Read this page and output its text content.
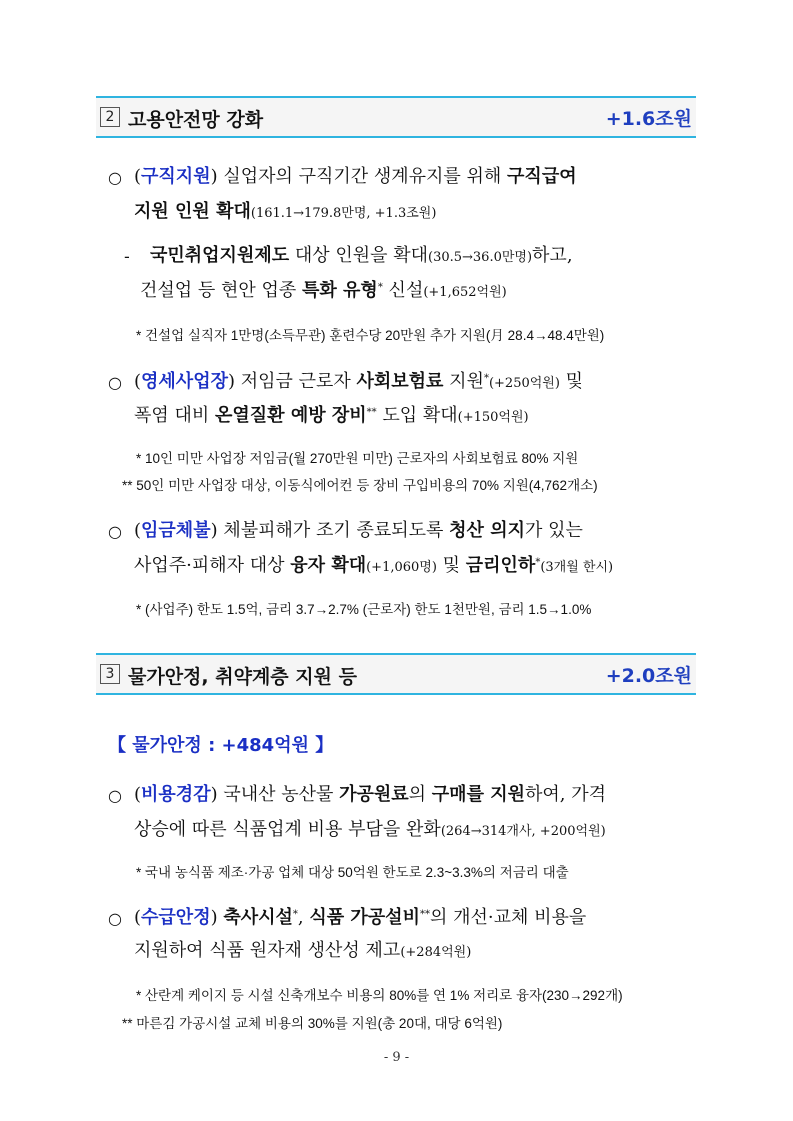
2 고용안전망 강화	+1.6조원
○ (구직지원) 실업자의 구직기간 생계유지를 위해 구직급여
지원 인원 확대(161.1→179.8만명, +1.3조원)
- 국민취업지원제도 대상 인원을 확대(30.5→36.0만명)하고,
건설업 등 현안 업종 특화 유형* 신설(+1,652억원)
* 건설업 실직자 1만명(소득무관) 훈련수당 20만원 추가 지원(月 28.4→48.4만원)
○ (영세사업장) 저임금 근로자 사회보험료 지원*(+250억원) 및
폭염 대비 온열질환 예방 장비** 도입 확대(+150억원)
* 10인 미만 사업장 저임금(월 270만원 미만) 근로자의 사회보험료 80% 지원
** 50인 미만 사업장 대상, 이동식에어컨 등 장비 구입비용의 70% 지원(4,762개소)
○ (임금체불) 체불피해가 조기 종료되도록 청산 의지가 있는
사업주·피해자 대상 융자 확대(+1,060명) 및 금리인하*(3개월 한시)
* (사업주) 한도 1.5억, 금리 3.7→2.7% (근로자) 한도 1천만원, 금리 1.5→1.0%
3 물가안정, 취약계층 지원 등	+2.0조원
【 물가안정 : +484억원 】
○ (비용경감) 국내산 농산물 가공원료의 구매를 지원하여, 가격
상승에 따른 식품업계 비용 부담을 완화(264→314개사, +200억원)
* 국내 농식품 제조·가공 업체 대상 50억원 한도로 2.3~3.3%의 저금리 대출
○ (수급안정) 축사시설*, 식품 가공설비**의 개선·교체 비용을
지원하여 식품 원자재 생산성 제고(+284억원)
* 산란계 케이지 등 시설 신축개보수 비용의 80%를 연 1% 저리로 융자(230→292개)
** 마른김 가공시설 교체 비용의 30%를 지원(총 20대, 대당 6억원)
- 9 -
